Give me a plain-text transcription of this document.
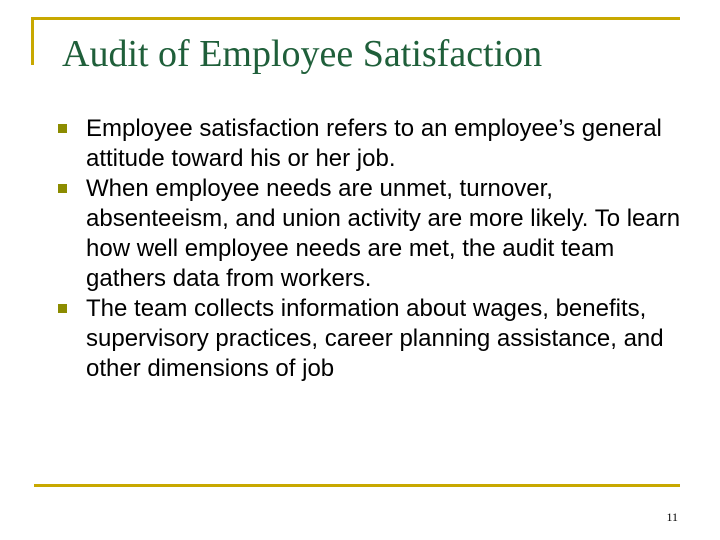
Audit of Employee Satisfaction
Employee satisfaction refers to an employee’s general attitude toward his or her job.
When employee needs are unmet, turnover, absenteeism, and union activity are more likely. To learn how well employee needs are met, the audit team gathers data from workers.
The team collects information about wages, benefits, supervisory practices, career planning assistance, and other dimensions of job
11
